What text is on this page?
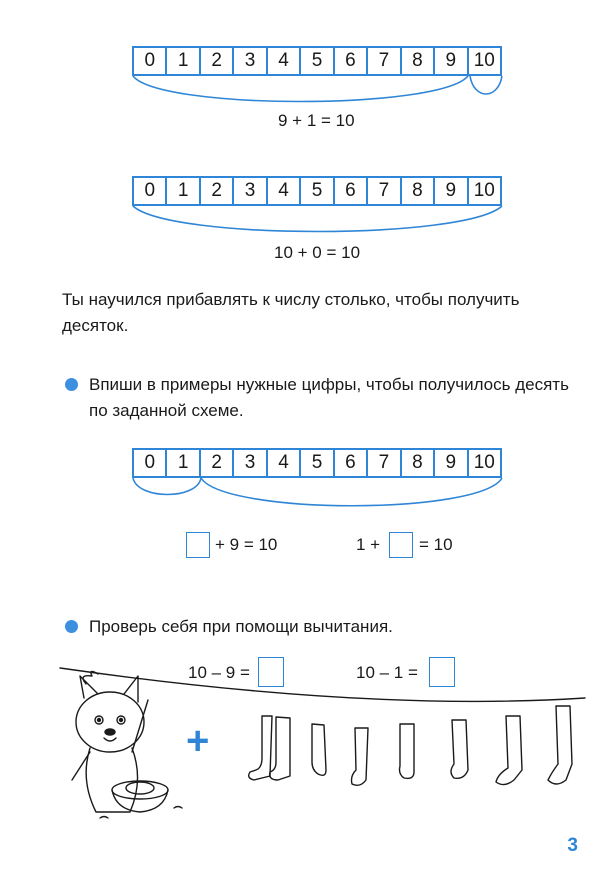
0	1	2	3	4	5	6	7	8	9 10
0	1	2	3	4	5	6	7	8	9 10
0	1	2	3	4	5	6	7	8	9 10
9 + 1 = 10
10 + 0 = 10

Ты научился прибавлять к числу столько, чтобы получить десяток.

Впиши в примеры нужные цифры, чтобы получилось десять по заданной схеме.

+ 9 = 10	1 + = 10

Проверь себя при помощи вычитания.

10 – 9 =	10 – 1 =
+
3
